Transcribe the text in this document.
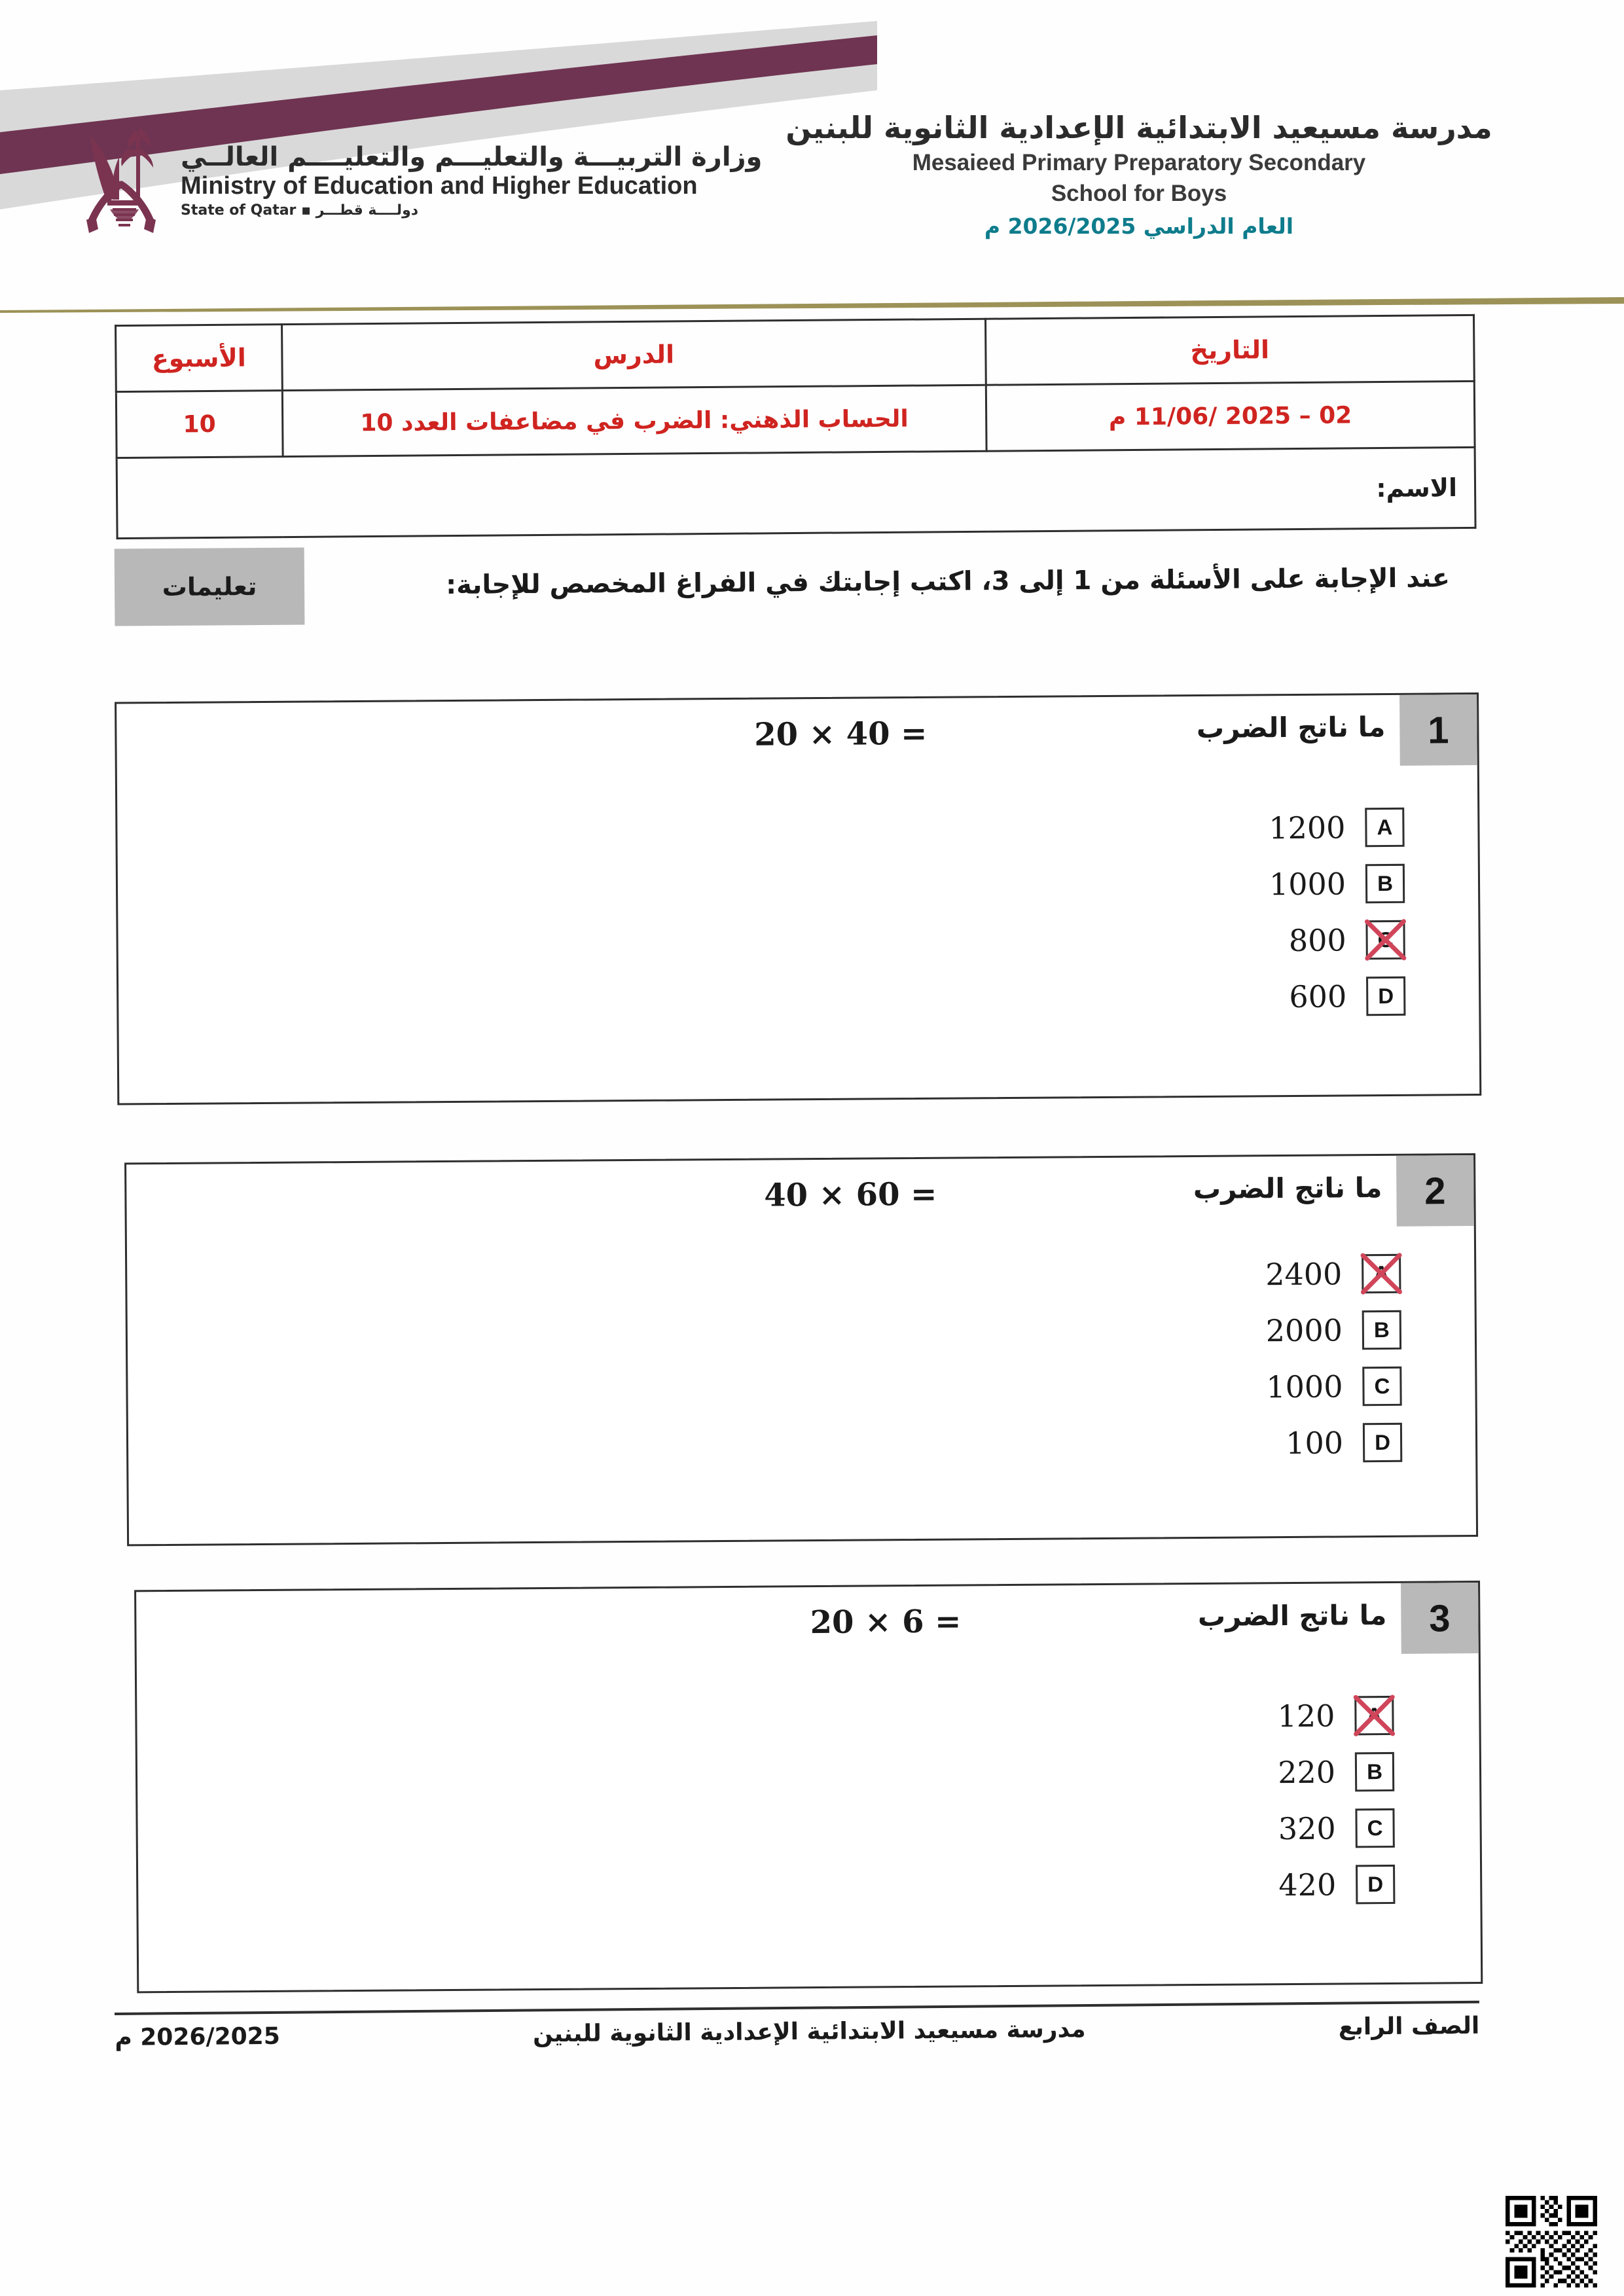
وزارة التربيـــة والتعليـــم والتعليــــم العالــي
Ministry of Education and Higher Education
دولــــة قطـــر ▪ State of Qatar
مدرسة مسيعيد الابتدائية الإعدادية الثانوية للبنين
Mesaieed Primary Preparatory Secondary
School for Boys
العام الدراسي 2026/2025 م
التاريخ	الدرس	الأسبوع
02 – 2025 /11/06 م	الحساب الذهني: الضرب في مضاعفات العدد 10	10
الاسم:		
عند الإجابة على الأسئلة من 1 إلى 3، اكتب إجابتك في الفراغ المخصص للإجابة:
تعليمات
1
ما ناتج الضرب
20 × 40 =
A
1200
B
1000
C
800
D
600
2
ما ناتج الضرب
40 × 60 =
A
2400
B
2000
C
1000
D
100
3
ما ناتج الضرب
20 × 6 =
A
120
B
220
C
320
D
420
الصف الرابع
مدرسة مسيعيد الابتدائية الإعدادية الثانوية للبنين
2026/2025 م
